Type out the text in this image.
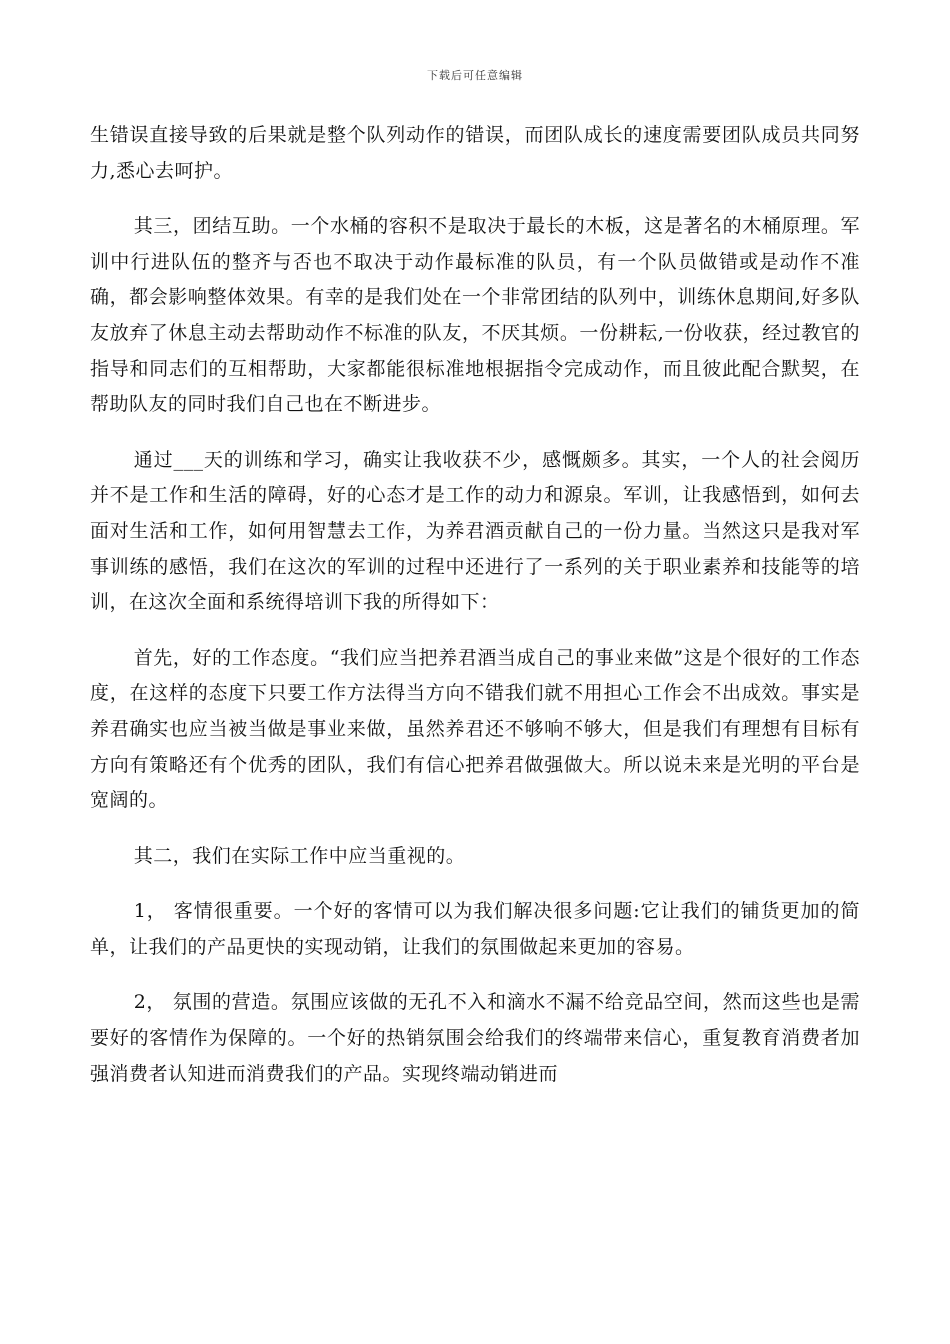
下载后可任意编辑

生错误直接导致的后果就是整个队列动作的错误，而团队成长的速度需要团队成员共同努力,悉心去呵护。

其三，团结互助。一个水桶的容积不是取决于最长的木板，这是著名的木桶原理。军训中行进队伍的整齐与否也不取决于动作最标准的队员，有一个队员做错或是动作不准确，都会影响整体效果。有幸的是我们处在一个非常团结的队列中，训练休息期间,好多队友放弃了休息主动去帮助动作不标准的队友，不厌其烦。一份耕耘,一份收获，经过教官的指导和同志们的互相帮助，大家都能很标准地根据指令完成动作，而且彼此配合默契，在帮助队友的同时我们自己也在不断进步。

通过___天的训练和学习，确实让我收获不少，感慨颇多。其实，一个人的社会阅历并不是工作和生活的障碍，好的心态才是工作的动力和源泉。军训，让我感悟到，如何去面对生活和工作，如何用智慧去工作，为养君酒贡献自己的一份力量。当然这只是我对军事训练的感悟，我们在这次的军训的过程中还进行了一系列的关于职业素养和技能等的培训，在这次全面和系统得培训下我的所得如下：

首先，好的工作态度。“我们应当把养君酒当成自己的事业来做”这是个很好的工作态度，在这样的态度下只要工作方法得当方向不错我们就不用担心工作会不出成效。事实是养君确实也应当被当做是事业来做，虽然养君还不够响不够大，但是我们有理想有目标有方向有策略还有个优秀的团队，我们有信心把养君做强做大。所以说未来是光明的平台是宽阔的。

其二，我们在实际工作中应当重视的。

1， 客情很重要。一个好的客情可以为我们解决很多问题:它让我们的铺货更加的简单，让我们的产品更快的实现动销，让我们的氛围做起来更加的容易。

2， 氛围的营造。氛围应该做的无孔不入和滴水不漏不给竞品空间，然而这些也是需要好的客情作为保障的。一个好的热销氛围会给我们的终端带来信心，重复教育消费者加强消费者认知进而消费我们的产品。实现终端动销进而
